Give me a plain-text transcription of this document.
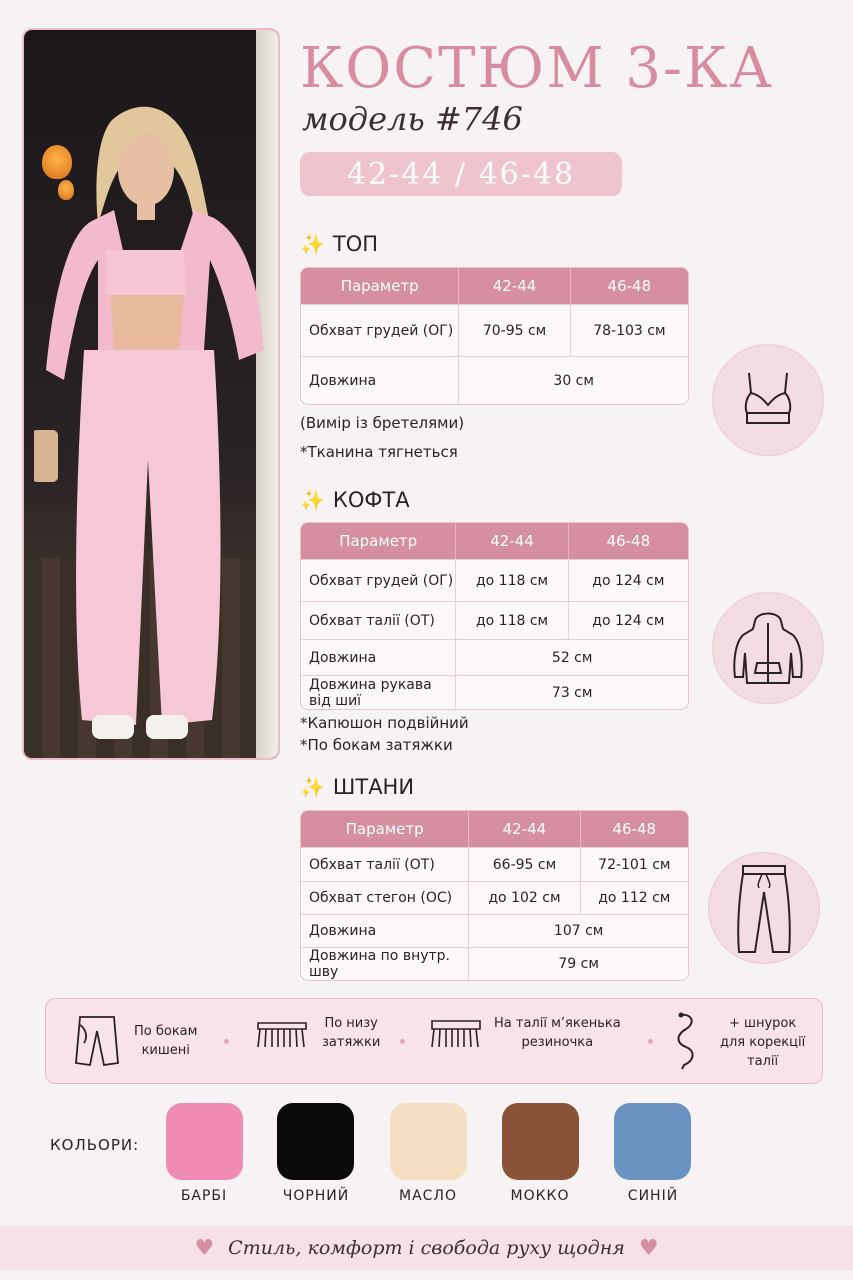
КОСТЮМ 3-КА
модель #746
42-44 / 46-48
✨ ТОП
Параметр	42-44	46-48
Обхват грудей (ОГ)	70-95 см	78-103 см
Довжина	30 см	
(Вимір із бретелями)
*Тканина тягнеться
✨ КОФТА
Параметр	42-44	46-48
Обхват грудей (ОГ)	до 118 см	до 124 см
Обхват талії (ОТ)	до 118 см	до 124 см
Довжина	52 см	
Довжина рукава від шиї	73 см	
*Капюшон подвійний
*По бокам затяжки
✨ ШТАНИ
Параметр	42-44	46-48
Обхват талії (ОТ)	66-95 см	72-101 см
Обхват стегон (ОС)	до 102 см	до 112 см
Довжина	107 см	
Довжина по внутр. шву	79 см	
По бокам
кишені
По низу
затяжки
На талії м’якенька
резиночка
+ шнурок
для корекції
талії
КОЛЬОРИ:
БАРБІ	ЧОРНИЙ	МАСЛО	МОККО	СИНІЙ
♥ Стиль, комфорт і свобода руху щодня ♥
